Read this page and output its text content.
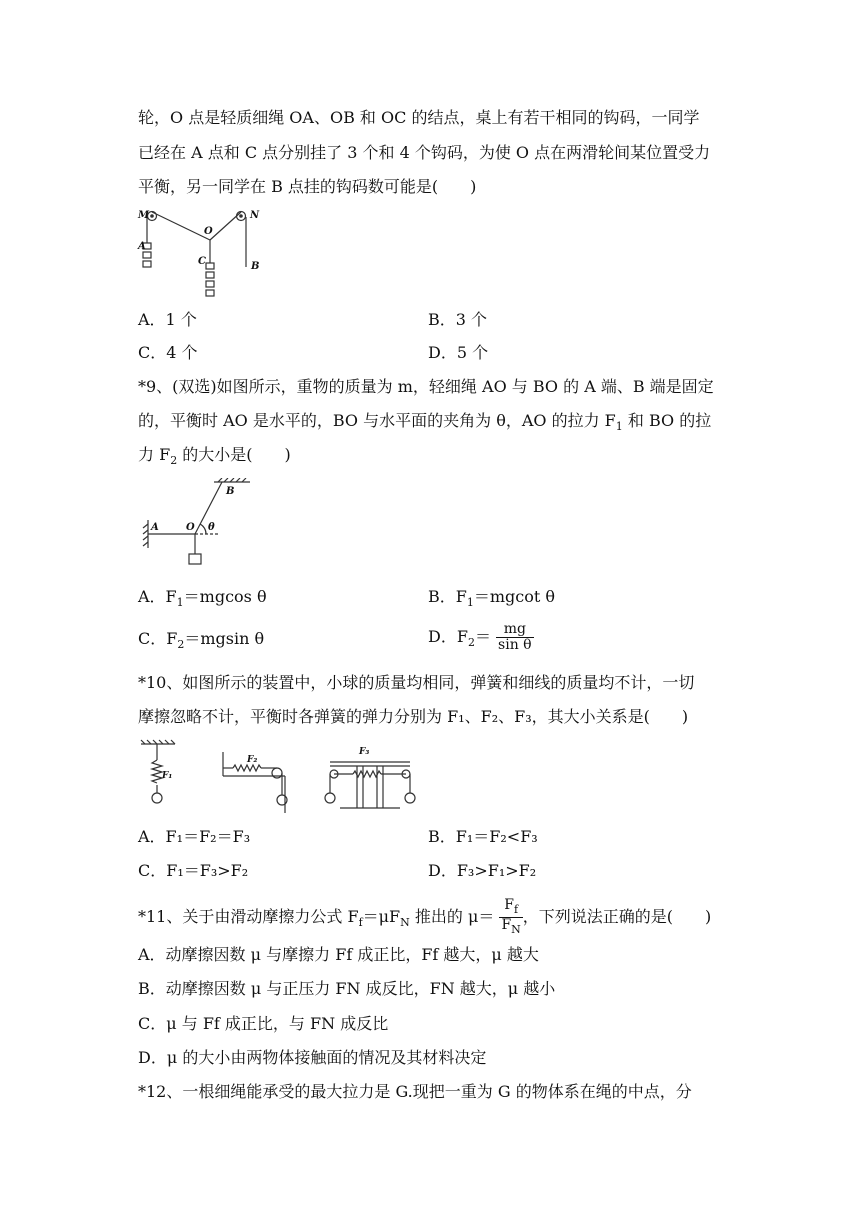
轮，O 点是轻质细绳 OA、OB 和 OC 的结点，桌上有若干相同的钩码，一同学
已经在 A 点和 C 点分别挂了 3 个和 4 个钩码，为使 O 点在两滑轮间某位置受力
平衡，另一同学在 B 点挂的钩码数可能是(　　)
M	N
O
A
C	B
A．1 个	B．3 个
C．4 个	D．5 个
*9、(双选)如图所示，重物的质量为 m，轻细绳 AO 与 BO 的 A 端、B 端是固定
的，平衡时 AO 是水平的，BO 与水平面的夹角为 θ，AO 的拉力 $F_1$ 和 BO 的拉
力 $F_2$ 的大小是(　　)
A
B
O θ
A．$F_1=mgcos$ θ	B．$F_1=mgcot$ θ
C．$F_2=mgsin$ θ	D．$F_2= \frac{mg}{\text{sin θ}}$
*10、如图所示的装置中，小球的质量均相同，弹簧和细线的质量均不计，一切
摩擦忽略不计，平衡时各弹簧的弹力分别为 F₁、F₂、F₃，其大小关系是(　　)
F₁
F₂
F₃
A．F₁＝F₂＝F₃	B．F₁＝F₂<F₃
C．F₁＝F₃>F₂	D．F₃>F₁>F₂
*11、关于由滑动摩擦力公式 $F_f=\mu F_N$ 推出的 $\mu= \frac{F_f}{F_N}$ ，下列说法正确的是(　　)
A．动摩擦因数 μ 与摩擦力 Ff 成正比，Ff 越大，μ 越大
B．动摩擦因数 μ 与正压力 FN 成反比，FN 越大，μ 越小
C．μ 与 Ff 成正比，与 FN 成反比
D．μ 的大小由两物体接触面的情况及其材料决定
*12、一根细绳能承受的最大拉力是 G.现把一重为 G 的物体系在绳的中点，分
